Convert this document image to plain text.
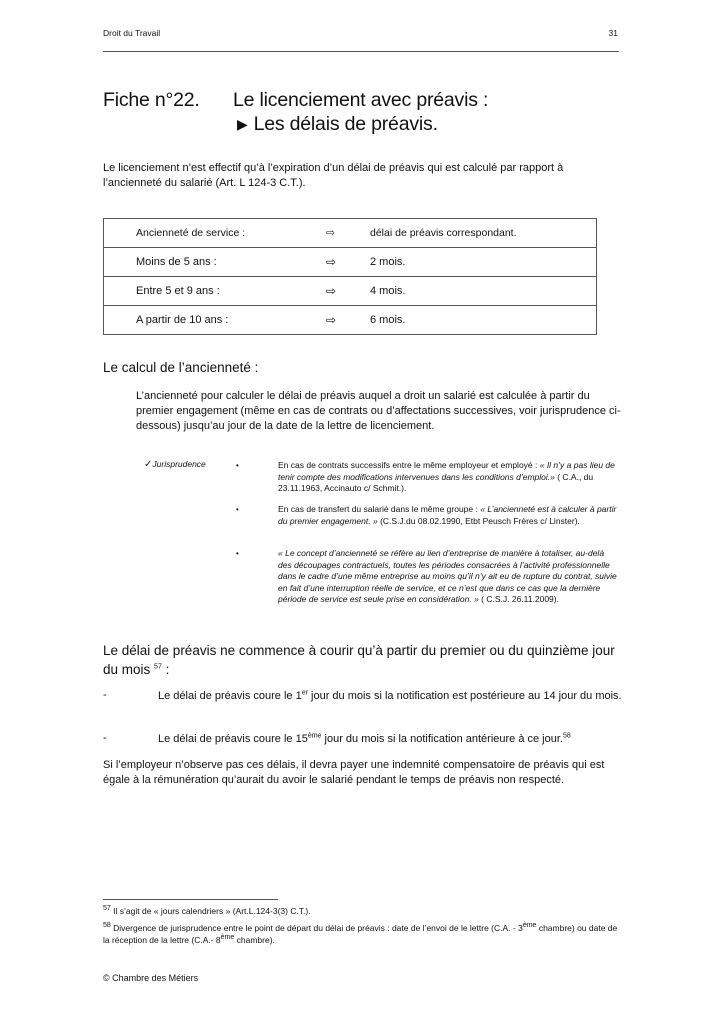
Droit du Travail	31
Fiche n°22. Le licenciement avec préavis :
▶ Les délais de préavis.
Le licenciement n’est effectif qu’à l’expiration d’un délai de préavis qui est calculé par rapport à l’ancienneté du salarié (Art. L 124-3 C.T.).
Ancienneté de service :	⇨	délai de préavis correspondant.
Moins de 5 ans :	⇨	2 mois.
Entre 5 et 9 ans :	⇨	4 mois.
A partir de 10 ans :	⇨	6 mois.
Le calcul de l’ancienneté :
L’ancienneté pour calculer le délai de préavis auquel a droit un salarié est calculée à partir du premier engagement (même en cas de contrats ou d’affectations successives, voir jurisprudence ci-dessous) jusqu’au jour de la date de la lettre de licenciement.
✓Jurisprudence	•	En cas de contrats successifs entre le même employeur et employé : « Il n’y a pas lieu de tenir compte des modifications intervenues dans les conditions d’emploi.» ( C.A., du 23.11.1963, Accinauto c/ Schmit.).
•	En cas de transfert du salarié dans le même groupe : « L’ancienneté est à calculer à partir du premier engagement. » (C.S.J.du 08.02.1990, Etbt Peusch Frères c/ Linster).
•	« Le concept d’ancienneté se réfère au lien d’entreprise de manière à totaliser, au-delà des découpages contractuels, toutes les périodes consacrées à l’activité professionnelle dans le cadre d’une même entreprise au moins qu’il n’y ait eu de rupture du contrat, suivie en fait d’une interruption réelle de service, et ce n’est que dans ce cas que la dernière période de service est seule prise en considération. » ( C.S.J. 26.11.2009).
Le délai de préavis ne commence à courir qu’à partir du premier ou du quinzième jour du mois $^{57}$ :
-	Le délai de préavis coure le 1er jour du mois si la notification est postérieure au 14 jour du mois.
-	Le délai de préavis coure le 15ème jour du mois si la notification antérieure à ce jour.$^{58}$
Si l’employeur n’observe pas ces délais, il devra payer une indemnité compensatoire de préavis qui est égale à la rémunération qu’aurait du avoir le salarié pendant le temps de préavis non respecté.
$^{57}$ Il s’agit de « jours calendriers » (Art.L.124-3(3) C.T.).
$^{58}$ Divergence de jurisprudence entre le point de départ du délai de préavis : date de l’envoi de le lettre (C.A. - 3ème chambre) ou date de la réception de la lettre (C.A.- 8ème chambre).
© Chambre des Métiers
